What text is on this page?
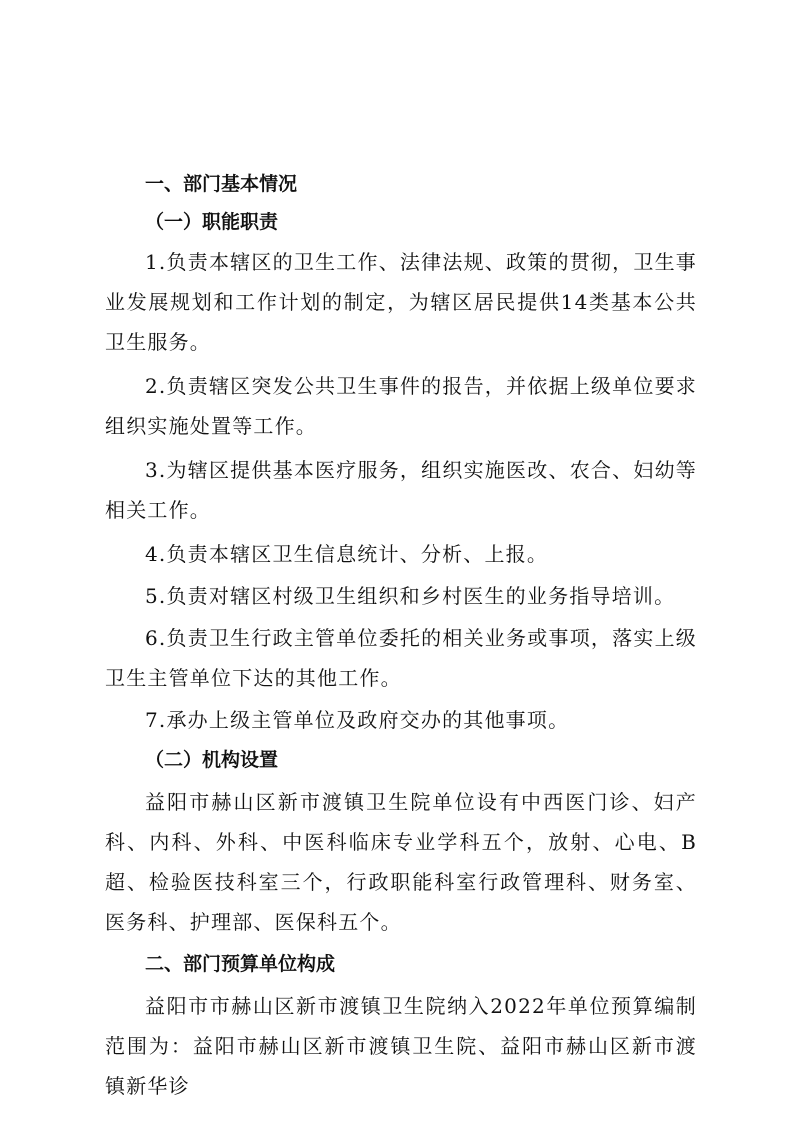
一、部门基本情况
（一）职能职责
1.负责本辖区的卫生工作、法律法规、政策的贯彻，卫生事业发展规划和工作计划的制定，为辖区居民提供14类基本公共卫生服务。
2.负责辖区突发公共卫生事件的报告，并依据上级单位要求组织实施处置等工作。
3.为辖区提供基本医疗服务，组织实施医改、农合、妇幼等相关工作。
4.负责本辖区卫生信息统计、分析、上报。
5.负责对辖区村级卫生组织和乡村医生的业务指导培训。
6.负责卫生行政主管单位委托的相关业务或事项，落实上级卫生主管单位下达的其他工作。
7.承办上级主管单位及政府交办的其他事项。
（二）机构设置
益阳市赫山区新市渡镇卫生院单位设有中西医门诊、妇产科、内科、外科、中医科临床专业学科五个，放射、心电、B超、检验医技科室三个，行政职能科室行政管理科、财务室、医务科、护理部、医保科五个。
二、部门预算单位构成
益阳市市赫山区新市渡镇卫生院纳入2022年单位预算编制范围为：益阳市赫山区新市渡镇卫生院、益阳市赫山区新市渡镇新华诊
